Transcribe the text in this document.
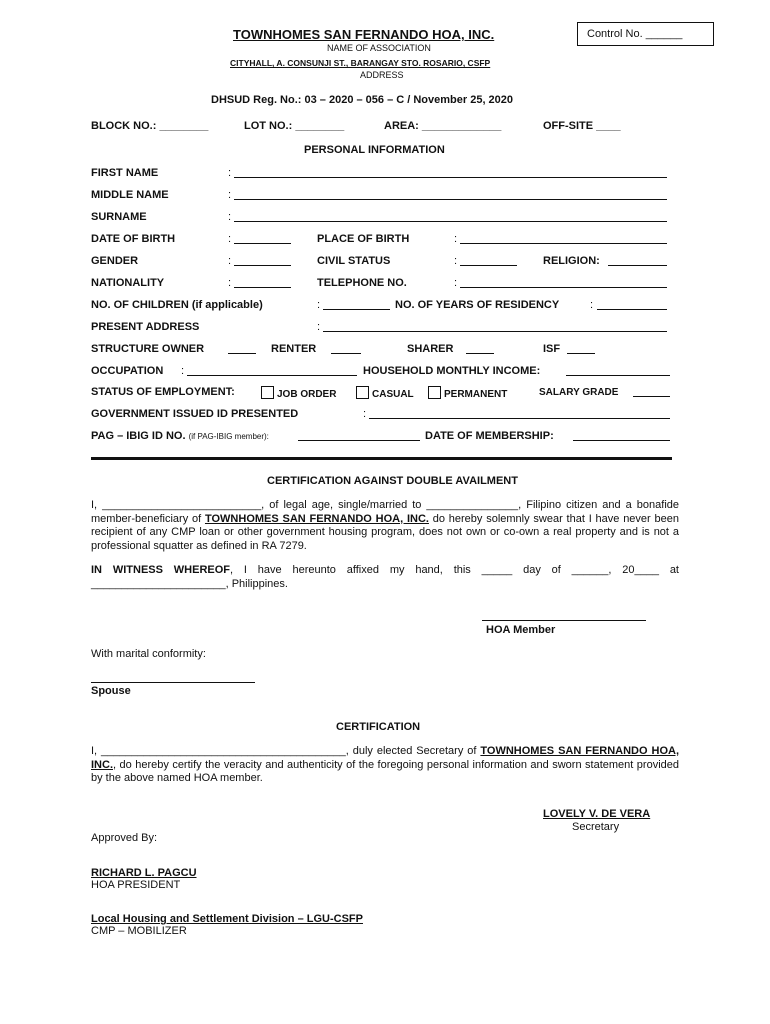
TOWNHOMES SAN FERNANDO HOA, INC.
NAME OF ASSOCIATION
CITYHALL, A. CONSUNJI ST., BARANGAY STO. ROSARIO, CSFP
ADDRESS
Control No. ______
DHSUD Reg. No.: 03 – 2020 – 056 – C / November 25, 2020
BLOCK NO.: ________	LOT NO.: ________	AREA: _____________	OFF-SITE ____
PERSONAL INFORMATION
FIRST NAME	:
MIDDLE NAME	:
SURNAME	:
DATE OF BIRTH	:	PLACE OF BIRTH	:
GENDER	:	CIVIL STATUS	:	RELIGION:
NATIONALITY	:	TELEPHONE NO.	:
NO. OF CHILDREN (if applicable)	:	NO. OF YEARS OF RESIDENCY	:
PRESENT ADDRESS	:
STRUCTURE OWNER	RENTER	SHARER	ISF
OCCUPATION :	HOUSEHOLD MONTHLY INCOME:
STATUS OF EMPLOYMENT:	JOB ORDER	CASUAL	PERMANENT	SALARY GRADE
GOVERNMENT ISSUED ID PRESENTED	:
PAG – IBIG ID NO. (if PAG-IBIG member):	DATE OF MEMBERSHIP:
CERTIFICATION AGAINST DOUBLE AVAILMENT
I, __________________________, of legal age, single/married to _______________, Filipino citizen and a bonafide member-beneficiary of TOWNHOMES SAN FERNANDO HOA, INC. do hereby solemnly swear that I have never been recipient of any CMP loan or other government housing program, does not own or co-own a real property and is not a professional squatter as defined in RA 7279.
IN WITNESS WHEREOF, I have hereunto affixed my hand, this _____ day of ______, 20____ at ______________________, Philippines.
HOA Member
With marital conformity:
Spouse
CERTIFICATION
I, ________________________________________, duly elected Secretary of TOWNHOMES SAN FERNANDO HOA, INC., do hereby certify the veracity and authenticity of the foregoing personal information and sworn statement provided by the above named HOA member.
LOVELY V. DE VERA
Secretary
Approved By:
RICHARD L. PAGCU
HOA PRESIDENT
Local Housing and Settlement Division – LGU-CSFP
CMP – MOBILIZER
